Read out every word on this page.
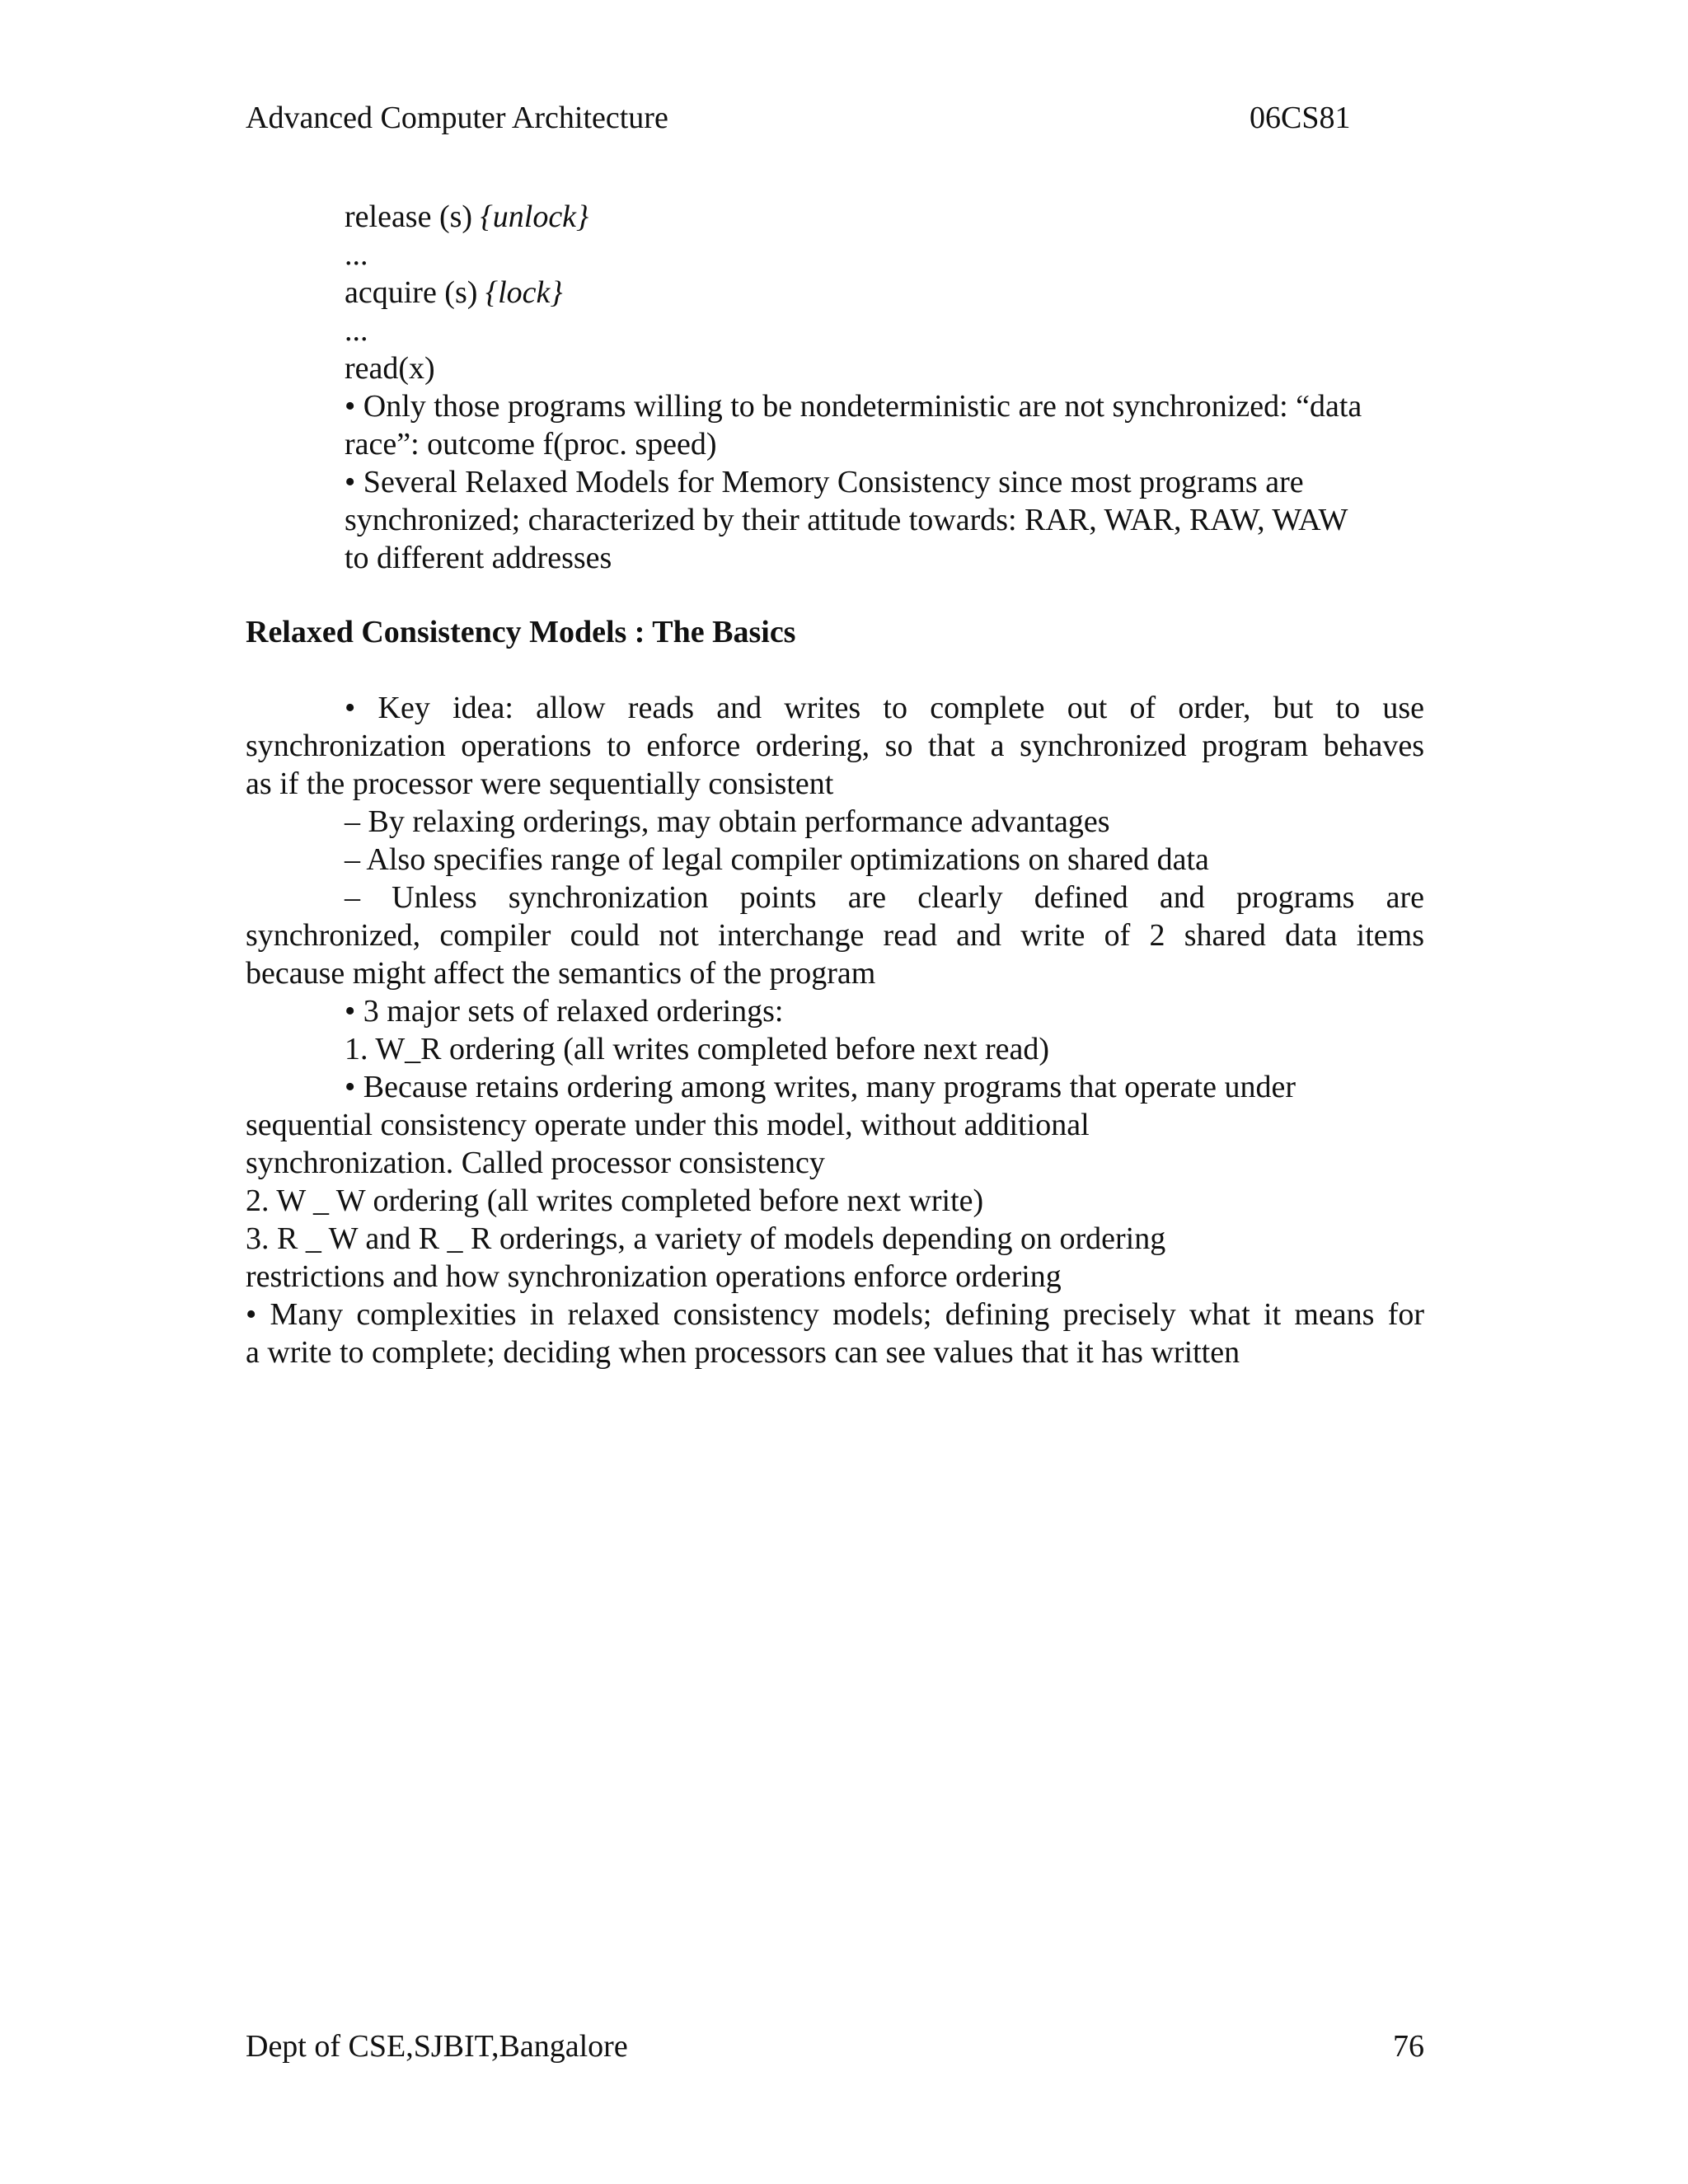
Advanced Computer Architecture	06CS81
release (s) {unlock}
...
acquire (s) {lock}
...
read(x)
• Only those programs willing to be nondeterministic are not synchronized: “data
race”: outcome f(proc. speed)
• Several Relaxed Models for Memory Consistency since most programs are
synchronized; characterized by their attitude towards: RAR, WAR, RAW, WAW
to different addresses
Relaxed Consistency Models : The Basics
• Key idea: allow reads and writes to complete out of order, but to use
synchronization operations to enforce ordering, so that a synchronized program behaves
as if the processor were sequentially consistent
– By relaxing orderings, may obtain performance advantages
– Also specifies range of legal compiler optimizations on shared data
– Unless synchronization points are clearly defined and programs are
synchronized, compiler could not interchange read and write of 2 shared data items
because might affect the semantics of the program
• 3 major sets of relaxed orderings:
1. W_R ordering (all writes completed before next read)
• Because retains ordering among writes, many programs that operate under
sequential consistency operate under this model, without additional
synchronization. Called processor consistency
2. W _ W ordering (all writes completed before next write)
3. R _ W and R _ R orderings, a variety of models depending on ordering
restrictions and how synchronization operations enforce ordering
• Many complexities in relaxed consistency models; defining precisely what it means for
a write to complete; deciding when processors can see values that it has written
Dept of CSE,SJBIT,Bangalore	76
